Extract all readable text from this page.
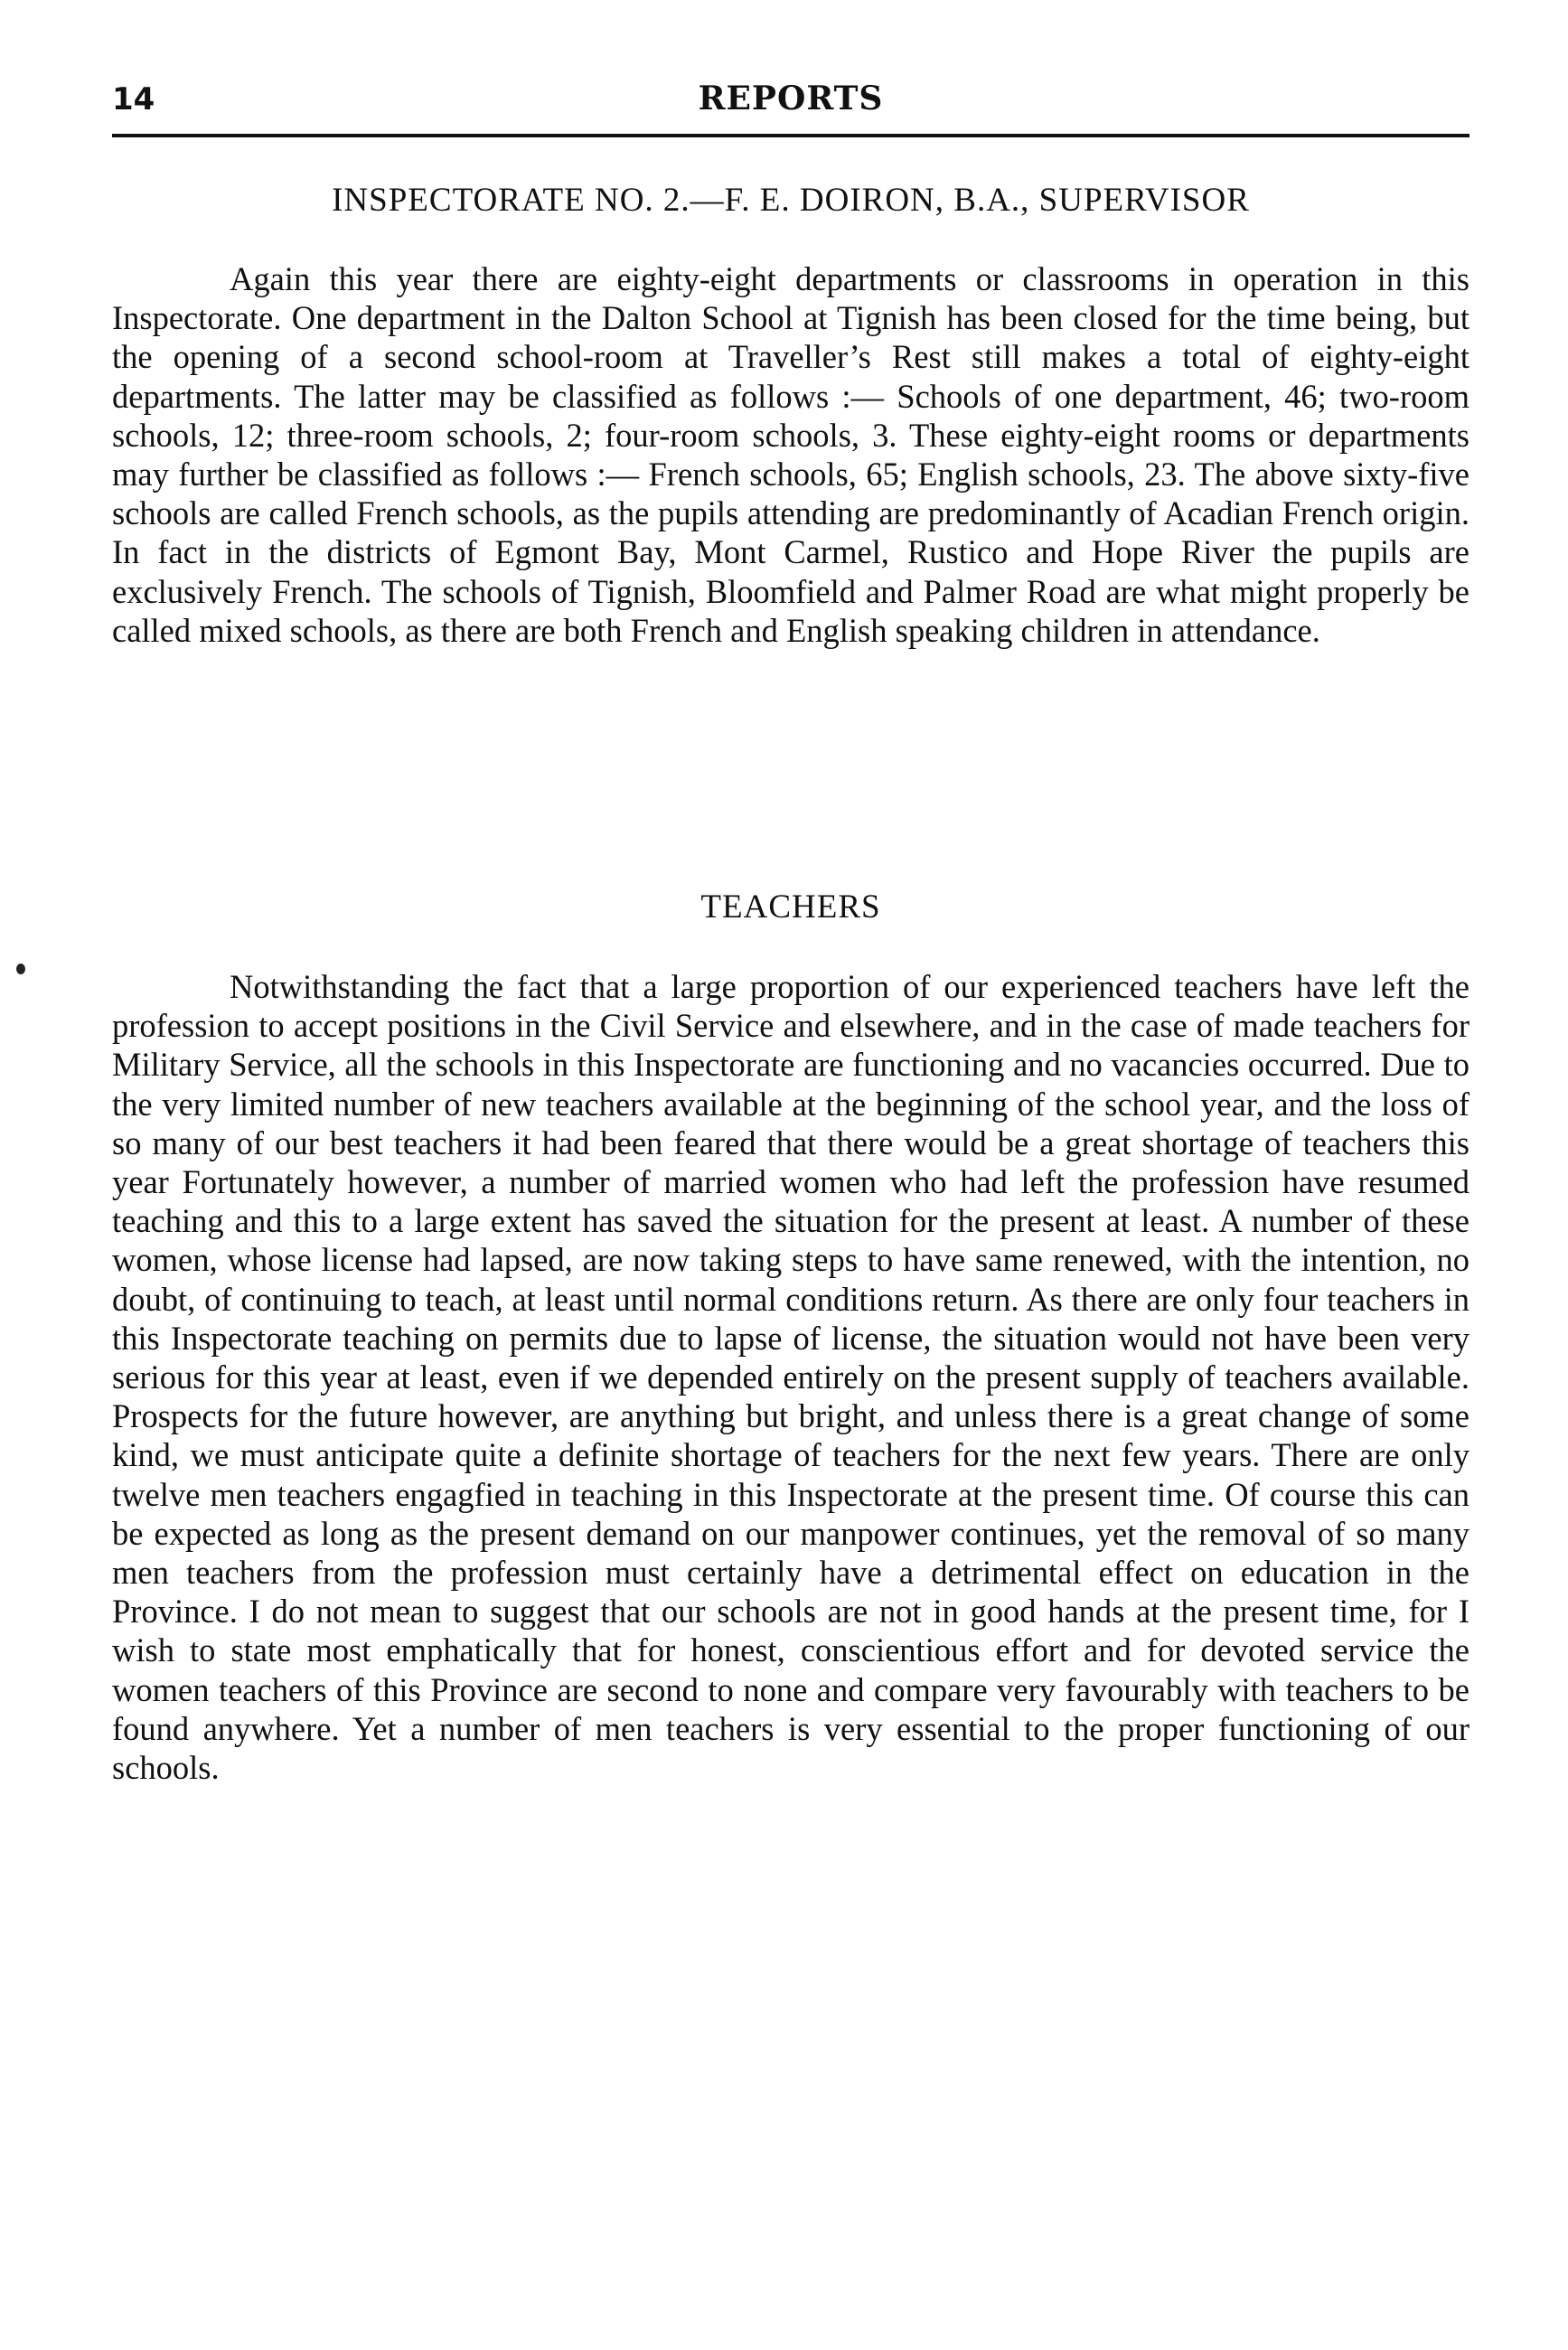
14	REPORTS
INSPECTORATE NO. 2.—F. E. DOIRON, B.A., SUPERVISOR

Again this year there are eighty-eight departments or classrooms in operation in this Inspectorate. One department in the Dalton School at Tignish has been closed for the time being, but the opening of a second school-room at Traveller’s Rest still makes a total of eighty-eight departments. The latter may be classified as follows :— Schools of one department, 46; two-room schools, 12; three-room schools, 2; four-room schools, 3. These eighty-eight rooms or departments may further be classified as follows :— French schools, 65; English schools, 23. The above sixty-five schools are called French schools, as the pupils attending are predominantly of Acadian French origin. In fact in the districts of Egmont Bay, Mont Carmel, Rustico and Hope River the pupils are exclusively French. The schools of Tignish, Bloomfield and Palmer Road are what might properly be called mixed schools, as there are both French and English speaking children in attendance.

TEACHERS

Notwithstanding the fact that a large proportion of our experienced teachers have left the profession to accept positions in the Civil Service and elsewhere, and in the case of made teachers for Military Service, all the schools in this Inspectorate are functioning and no vacancies occurred. Due to the very limited number of new teachers available at the beginning of the school year, and the loss of so many of our best teachers it had been feared that there would be a great shortage of teachers this year Fortunately however, a number of married women who had left the profession have resumed teaching and this to a large extent has saved the situation for the present at least. A number of these women, whose license had lapsed, are now taking steps to have same renewed, with the intention, no doubt, of continuing to teach, at least until normal conditions return. As there are only four teachers in this Inspectorate teaching on permits due to lapse of license, the situation would not have been very serious for this year at least, even if we depended entirely on the present supply of teachers available. Prospects for the future however, are anything but bright, and unless there is a great change of some kind, we must anticipate quite a definite shortage of teachers for the next few years. There are only twelve men teachers engagfied in teaching in this Inspectorate at the present time. Of course this can be expected as long as the present demand on our manpower continues, yet the removal of so many men teachers from the profession must certainly have a detrimental effect on education in the Province. I do not mean to suggest that our schools are not in good hands at the present time, for I wish to state most emphatically that for honest, conscientious effort and for devoted service the women teachers of this Province are second to none and compare very favourably with teachers to be found anywhere. Yet a number of men teachers is very essential to the proper functioning of our schools.
